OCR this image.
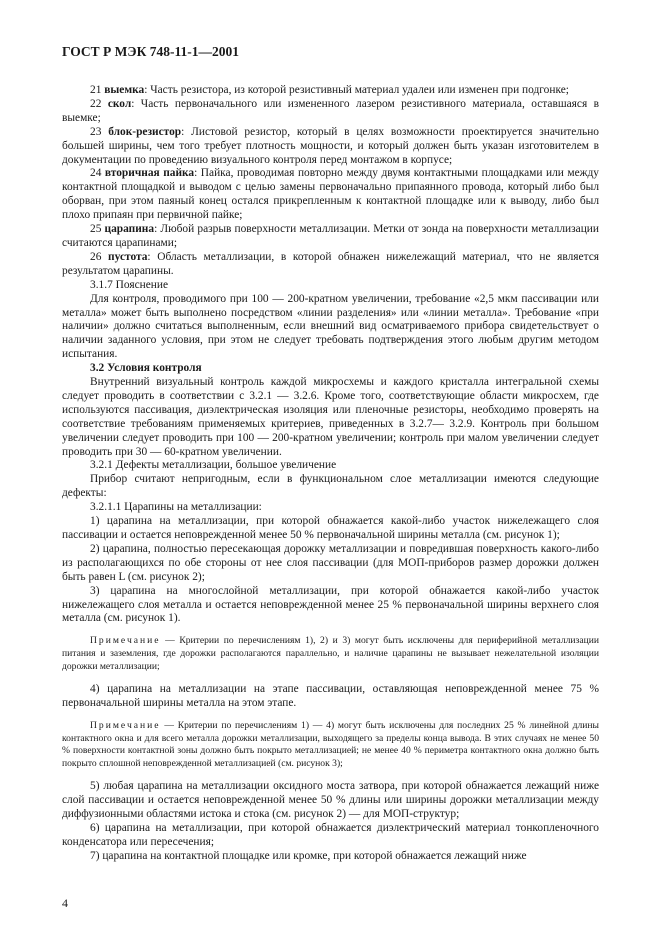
ГОСТ Р МЭК 748-11-1—2001

21 выемка: Часть резистора, из которой резистивный материал удалеи или изменен при подгонке;

22 скол: Часть первоначального или измененного лазером резистивного материала, оставшаяся в выемке;

23 блок-резистор: Листовой резистор, который в целях возможности проектируется значительно большей ширины, чем того требует плотность мощности, и который должен быть указан изготовителем в документации по проведению визуального контроля перед монтажом в корпусе;

24 вторичная пайка: Пайка, проводимая повторно между двумя контактными площадками или между контактной площадкой и выводом с целью замены первоначально припаянного провода, который либо был оборван, при этом паяный конец остался прикрепленным к контактной площадке или к выводу, либо был плохо припаян при первичной пайке;

25 царапина: Любой разрыв поверхности металлизации. Метки от зонда на поверхности металлизации считаются царапинами;

26 пустота: Область металлизации, в которой обнажен нижележащий материал, что не является результатом царапины.

3.1.7 Пояснение

Для контроля, проводимого при 100 — 200-кратном увеличении, требование «2,5 мкм пассивации или металла» может быть выполнено посредством «линии разделения» или «линии металла». Требование «при наличии» должно считаться выполненным, если внешний вид осматриваемого прибора свидетельствует о наличии заданного условия, при этом не следует требовать подтверждения этого любым другим методом испытания.

3.2 Условия контроля

Внутренний визуальный контроль каждой микросхемы и каждого кристалла интегральной схемы следует проводить в соответствии с 3.2.1 — 3.2.6. Кроме того, соответствующие области микросхем, где используются пассивация, диэлектрическая изоляция или пленочные резисторы, необходимо проверять на соответствие требованиям применяемых критериев, приведенных в 3.2.7— 3.2.9. Контроль при большом увеличении следует проводить при 100 — 200-кратном увеличении; контроль при малом увеличении следует проводить при 30 — 60-кратном увеличении.

3.2.1 Дефекты металлизации, большое увеличение

Прибор считают непригодным, если в функциональном слое металлизации имеются следующие дефекты:

3.2.1.1 Царапины на металлизации:

1) царапина на металлизации, при которой обнажается какой-либо участок нижележащего слоя пассивации и остается неповрежденной менее 50 % первоначальной ширины металла (см. рисунок 1);

2) царапина, полностью пересекающая дорожку металлизации и повредившая поверхность какого-либо из располагающихся по обе стороны от нее слоя пассивации (для МОП-приборов размер дорожки должен быть равен L (см. рисунок 2);

3) царапина на многослойной металлизации, при которой обнажается какой-либо участок нижележащего слоя металла и остается неповрежденной менее 25 % первоначальной ширины верхнего слоя металла (см. рисунок 1).

Примечание — Критерии по перечислениям 1), 2) и 3) могут быть исключены для периферийной металлизации питания и заземления, где дорожки располагаются параллельно, и наличие царапины не вызывает нежелательной изоляции дорожки металлизации;

4) царапина на металлизации на этапе пассивации, оставляющая неповрежденной менее 75 % первоначальной ширины металла на этом этапе.

Примечание — Критерии по перечислениям 1) — 4) могут быть исключены для последних 25 % линейной длины контактного окна и для всего металла дорожки металлизации, выходящего за пределы конца вывода. В этих случаях не менее 50 % поверхности контактной зоны должно быть покрыто металлизацией; не менее 40 % периметра контактного окна должно быть покрыто сплошной неповрежденной металлизацией (см. рисунок 3);

5) любая царапина на металлизации оксидного моста затвора, при которой обнажается лежащий ниже слой пассивации и остается неповрежденной менее 50 % длины или ширины дорожки металлизации между диффузионными областями истока и стока (см. рисунок 2) — для МОП-структур;

6) царапина на металлизации, при которой обнажается диэлектрический материал тонкопленочного конденсатора или пересечения;

7) царапина на контактной площадке или кромке, при которой обнажается лежащий ниже

4
